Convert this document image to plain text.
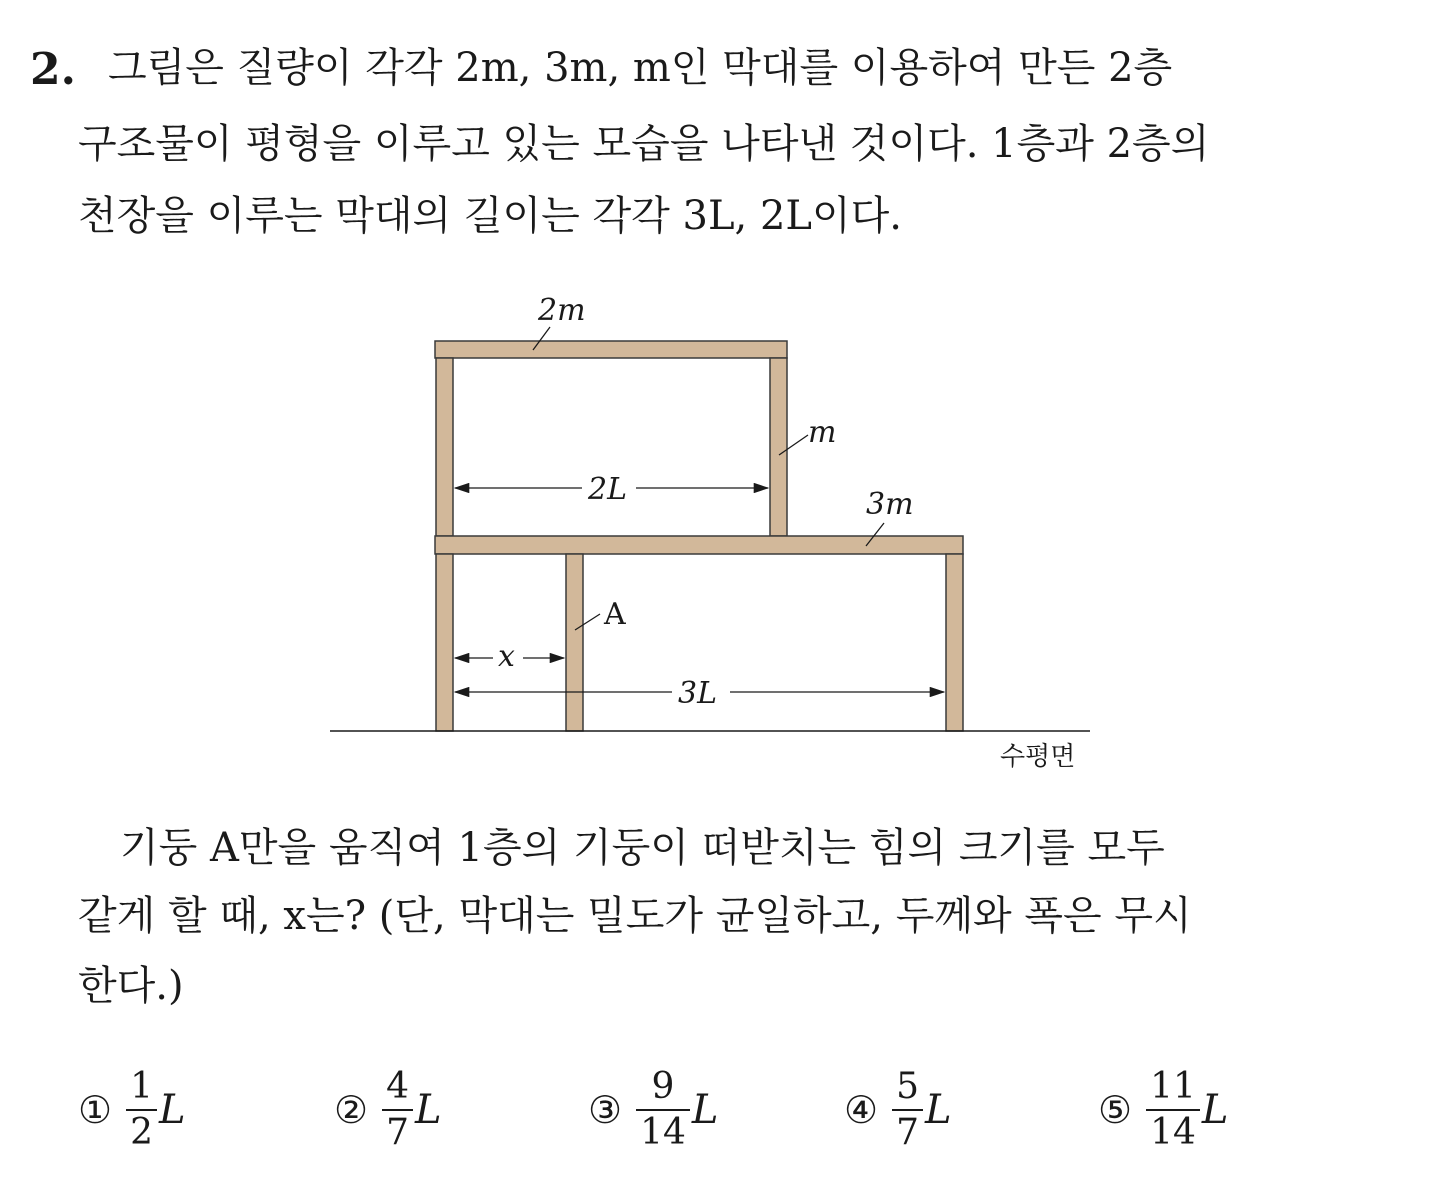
2. 그림은 질량이 각각 2m, 3m, m인 막대를 이용하여 만든 2층
구조물이 평형을 이루고 있는 모습을 나타낸 것이다. 1층과 2층의
천장을 이루는 막대의 길이는 각각 3L, 2L이다.
2m
m
3m
A
2L
x
3L
수평면
기둥 A만을 움직여 1층의 기둥이 떠받치는 힘의 크기를 모두
같게 할 때, x는? (단, 막대는 밀도가 균일하고, 두께와 폭은 무시
한다.)
① $\frac{1}{2}$ L	② $\frac{4}{7}$ L	③ $\frac{9}{14}$ L	④ $\frac{5}{7}$ L	⑤ $\frac{11}{14}$ L
